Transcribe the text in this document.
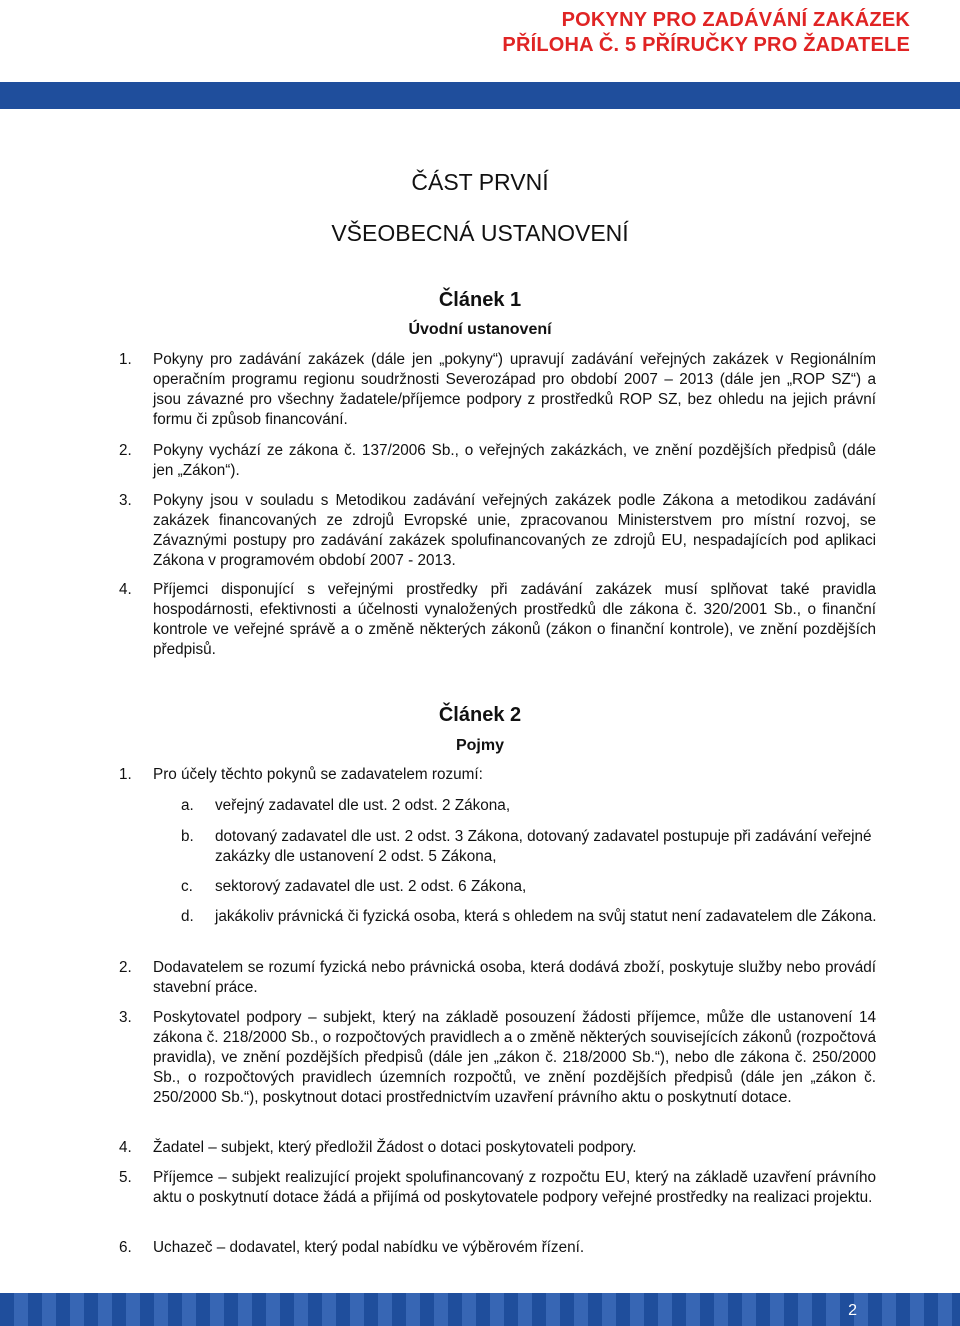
POKYNY PRO ZADÁVÁNÍ ZAKÁZEK
PŘÍLOHA Č. 5 PŘÍRUČKY PRO ŽADATELE
ČÁST PRVNÍ
VŠEOBECNÁ USTANOVENÍ
Článek 1
Úvodní ustanovení
1. Pokyny pro zadávání zakázek (dále jen „pokyny“) upravují zadávání veřejných zakázek v Regionálním operačním programu regionu soudržnosti Severozápad pro období 2007 – 2013 (dále jen „ROP SZ“) a jsou závazné pro všechny žadatele/příjemce podpory z prostředků ROP SZ, bez ohledu na jejich právní formu či způsob financování.
2. Pokyny vychází ze zákona č. 137/2006 Sb., o veřejných zakázkách, ve znění pozdějších předpisů (dále jen „Zákon“).
3. Pokyny jsou v souladu s Metodikou zadávání veřejných zakázek podle Zákona a metodikou zadávání zakázek financovaných ze zdrojů Evropské unie, zpracovanou Ministerstvem pro místní rozvoj, se Závaznými postupy pro zadávání zakázek spolufinancovaných ze zdrojů EU, nespadajících pod aplikaci Zákona v programovém období 2007 - 2013.
4. Příjemci disponující s veřejnými prostředky při zadávání zakázek musí splňovat také pravidla hospodárnosti, efektivnosti a účelnosti vynaložených prostředků dle zákona č. 320/2001 Sb., o finanční kontrole ve veřejné správě a o změně některých zákonů (zákon o finanční kontrole), ve znění pozdějších předpisů.
Článek 2
Pojmy
1. Pro účely těchto pokynů se zadavatelem rozumí:
a. veřejný zadavatel dle ust. 2 odst. 2 Zákona,
b. dotovaný zadavatel dle ust. 2 odst. 3 Zákona, dotovaný zadavatel postupuje při zadávání veřejné zakázky dle ustanovení 2 odst. 5 Zákona,
c. sektorový zadavatel dle ust. 2 odst. 6 Zákona,
d. jakákoliv právnická či fyzická osoba, která s ohledem na svůj statut není zadavatelem dle Zákona.
2. Dodavatelem se rozumí fyzická nebo právnická osoba, která dodává zboží, poskytuje služby nebo provádí stavební práce.
3. Poskytovatel podpory – subjekt, který na základě posouzení žádosti příjemce, může dle ustanovení 14 zákona č. 218/2000 Sb., o rozpočtových pravidlech a o změně některých souvisejících zákonů (rozpočtová pravidla), ve znění pozdějších předpisů (dále jen „zákon č. 218/2000 Sb.“), nebo dle zákona č. 250/2000 Sb., o rozpočtových pravidlech územních rozpočtů, ve znění pozdějších předpisů (dále jen „zákon č. 250/2000 Sb.“), poskytnout dotaci prostřednictvím uzavření právního aktu o poskytnutí dotace.
4. Žadatel – subjekt, který předložil Žádost o dotaci poskytovateli podpory.
5. Příjemce – subjekt realizující projekt spolufinancovaný z rozpočtu EU, který na základě uzavření právního aktu o poskytnutí dotace žádá a přijímá od poskytovatele podpory veřejné prostředky na realizaci projektu.
6. Uchazeč – dodavatel, který podal nabídku ve výběrovém řízení.
2
